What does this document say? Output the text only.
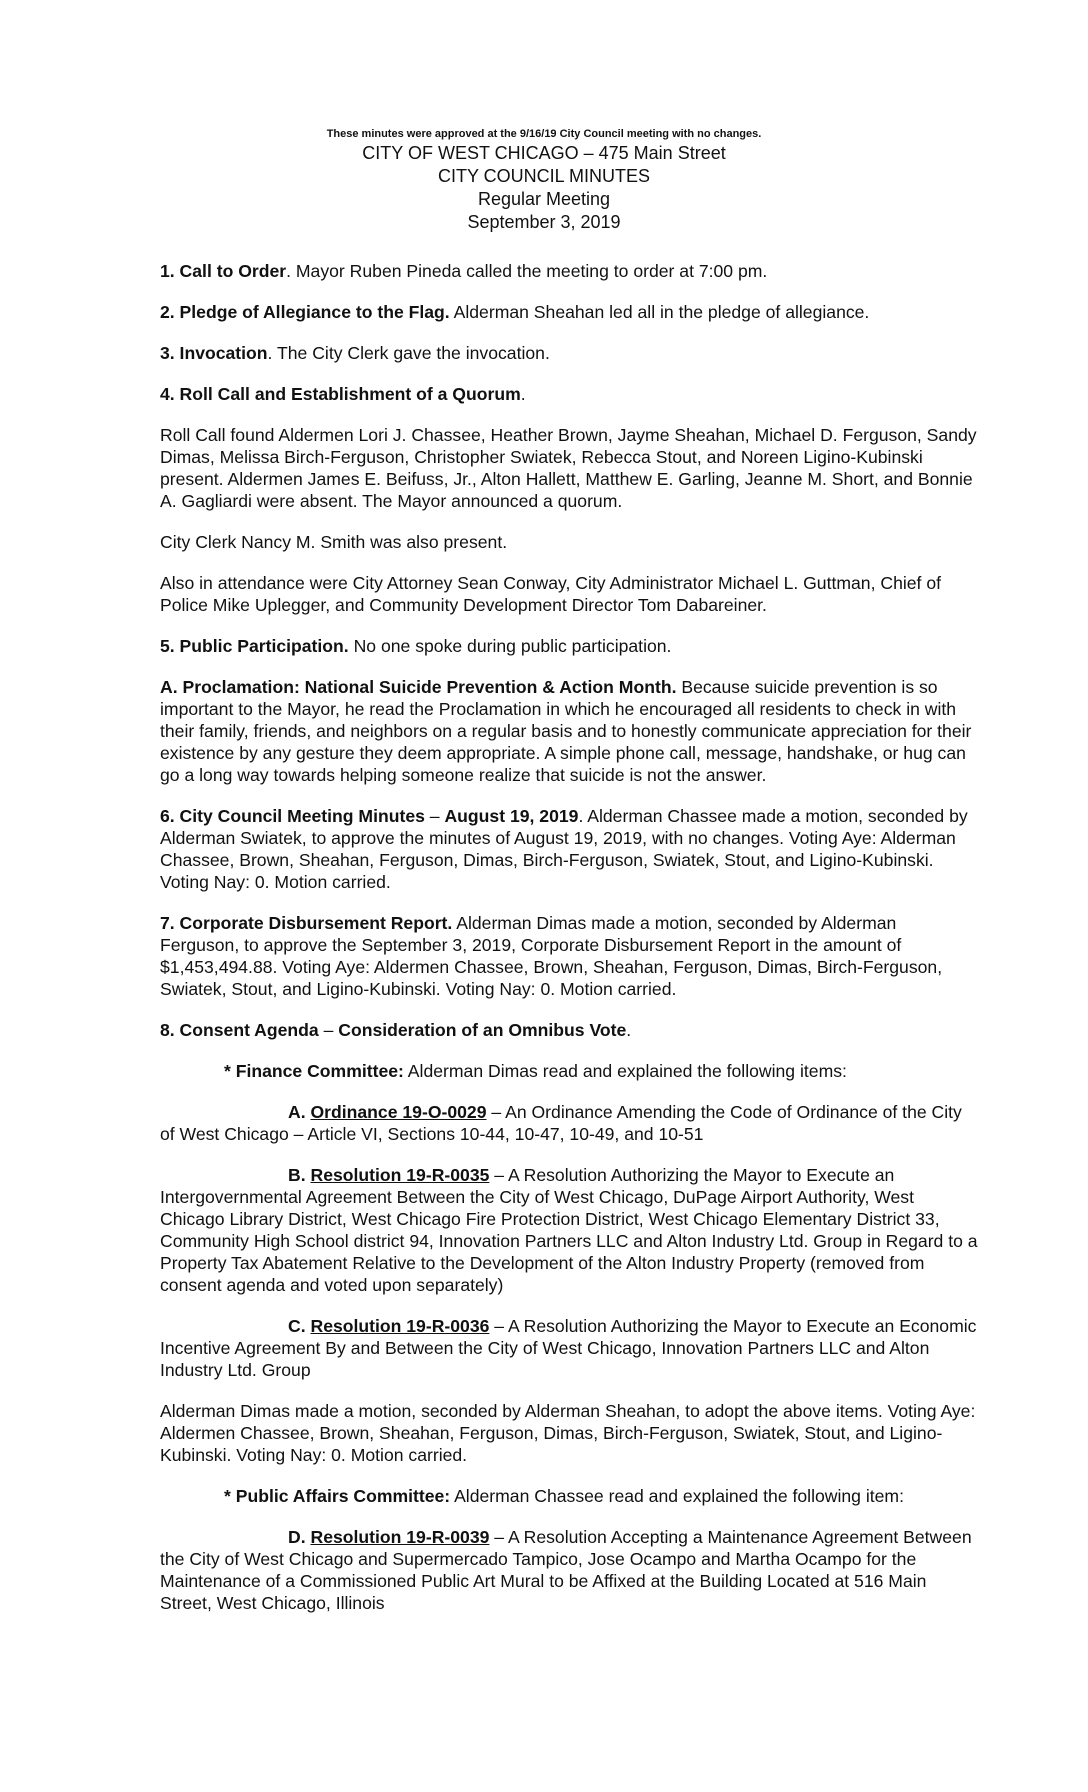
These minutes were approved at the 9/16/19 City Council meeting with no changes.

CITY OF WEST CHICAGO – 475 Main Street

CITY COUNCIL MINUTES

Regular Meeting

September 3, 2019

1. Call to Order. Mayor Ruben Pineda called the meeting to order at 7:00 pm.

2. Pledge of Allegiance to the Flag. Alderman Sheahan led all in the pledge of allegiance.

3. Invocation. The City Clerk gave the invocation.

4. Roll Call and Establishment of a Quorum.

Roll Call found Aldermen Lori J. Chassee, Heather Brown, Jayme Sheahan, Michael D. Ferguson, Sandy Dimas, Melissa Birch-Ferguson, Christopher Swiatek, Rebecca Stout, and Noreen Ligino-Kubinski present. Aldermen James E. Beifuss, Jr., Alton Hallett, Matthew E. Garling, Jeanne M. Short, and Bonnie A. Gagliardi were absent. The Mayor announced a quorum.

City Clerk Nancy M. Smith was also present.

Also in attendance were City Attorney Sean Conway, City Administrator Michael L. Guttman, Chief of Police Mike Uplegger, and Community Development Director Tom Dabareiner.

5. Public Participation. No one spoke during public participation.

A. Proclamation: National Suicide Prevention & Action Month. Because suicide prevention is so important to the Mayor, he read the Proclamation in which he encouraged all residents to check in with their family, friends, and neighbors on a regular basis and to honestly communicate appreciation for their existence by any gesture they deem appropriate. A simple phone call, message, handshake, or hug can go a long way towards helping someone realize that suicide is not the answer.

6. City Council Meeting Minutes – August 19, 2019. Alderman Chassee made a motion, seconded by Alderman Swiatek, to approve the minutes of August 19, 2019, with no changes. Voting Aye: Alderman Chassee, Brown, Sheahan, Ferguson, Dimas, Birch-Ferguson, Swiatek, Stout, and Ligino-Kubinski. Voting Nay: 0. Motion carried.

7. Corporate Disbursement Report. Alderman Dimas made a motion, seconded by Alderman Ferguson, to approve the September 3, 2019, Corporate Disbursement Report in the amount of $1,453,494.88. Voting Aye: Aldermen Chassee, Brown, Sheahan, Ferguson, Dimas, Birch-Ferguson, Swiatek, Stout, and Ligino-Kubinski. Voting Nay: 0. Motion carried.

8. Consent Agenda – Consideration of an Omnibus Vote.

* Finance Committee: Alderman Dimas read and explained the following items:

A. Ordinance 19-O-0029 – An Ordinance Amending the Code of Ordinance of the City of West Chicago – Article VI, Sections 10-44, 10-47, 10-49, and 10-51

B. Resolution 19-R-0035 – A Resolution Authorizing the Mayor to Execute an Intergovernmental Agreement Between the City of West Chicago, DuPage Airport Authority, West Chicago Library District, West Chicago Fire Protection District, West Chicago Elementary District 33, Community High School district 94, Innovation Partners LLC and Alton Industry Ltd. Group in Regard to a Property Tax Abatement Relative to the Development of the Alton Industry Property (removed from consent agenda and voted upon separately)

C. Resolution 19-R-0036 – A Resolution Authorizing the Mayor to Execute an Economic Incentive Agreement By and Between the City of West Chicago, Innovation Partners LLC and Alton Industry Ltd. Group

Alderman Dimas made a motion, seconded by Alderman Sheahan, to adopt the above items. Voting Aye: Aldermen Chassee, Brown, Sheahan, Ferguson, Dimas, Birch-Ferguson, Swiatek, Stout, and Ligino-Kubinski. Voting Nay: 0. Motion carried.

* Public Affairs Committee: Alderman Chassee read and explained the following item:

D. Resolution 19-R-0039 – A Resolution Accepting a Maintenance Agreement Between the City of West Chicago and Supermercado Tampico, Jose Ocampo and Martha Ocampo for the Maintenance of a Commissioned Public Art Mural to be Affixed at the Building Located at 516 Main Street, West Chicago, Illinois
